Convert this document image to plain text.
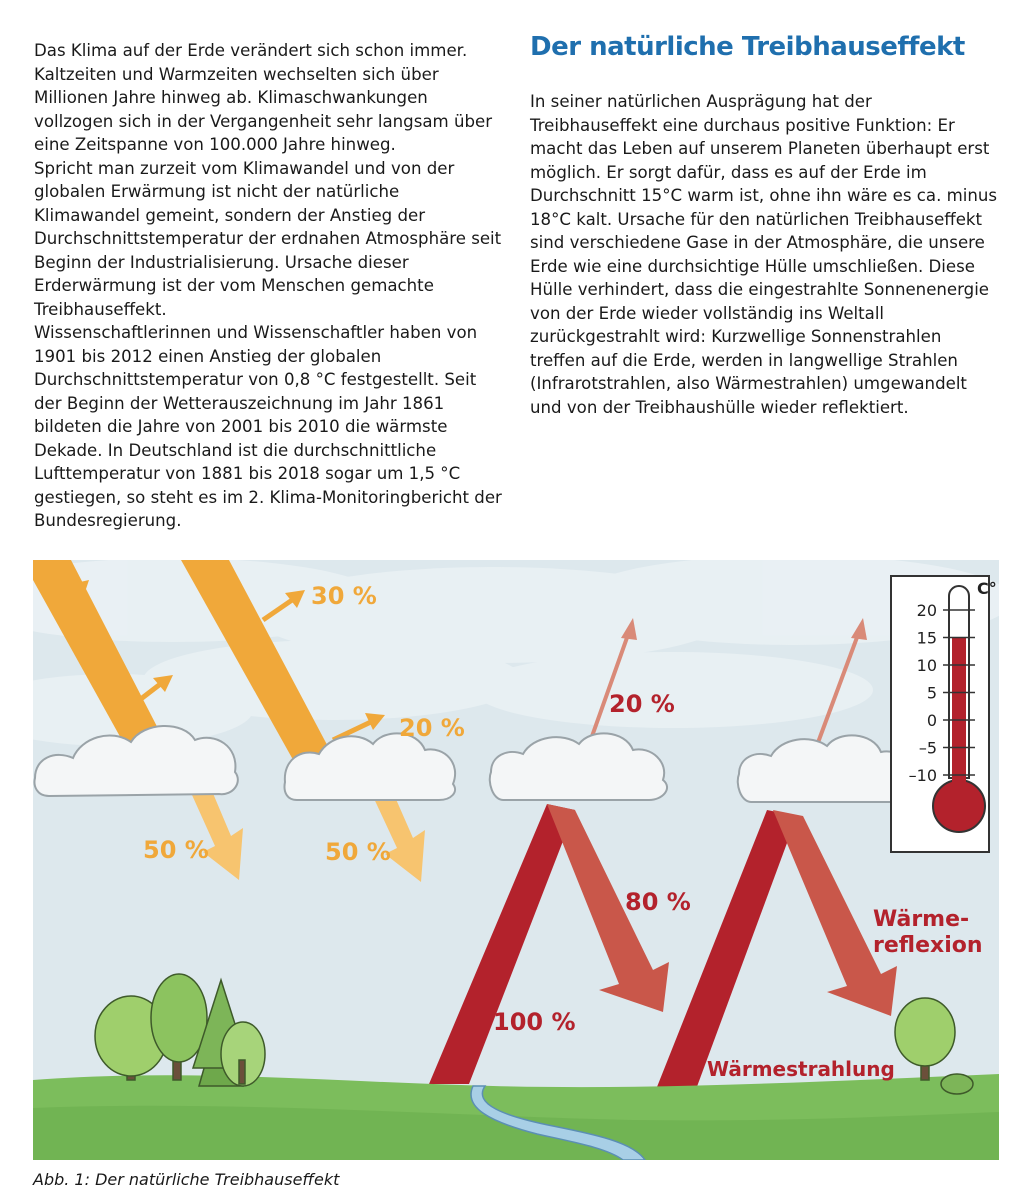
Das Klima auf der Erde verändert sich schon immer. Kaltzeiten und Warmzeiten wechselten sich über Millionen Jahre hinweg ab. Klimaschwankungen vollzogen sich in der Vergangenheit sehr langsam über eine Zeitspanne von 100.000 Jahre hinweg.

Spricht man zurzeit vom Klimawandel und von der globalen Erwärmung ist nicht der natürliche Klimawandel gemeint, sondern der Anstieg der Durchschnittstemperatur der erdnahen Atmosphäre seit Beginn der Industrialisierung. Ursache dieser Erderwärmung ist der vom Menschen gemachte Treibhauseffekt.

Wissenschaftlerinnen und Wissenschaftler haben von 1901 bis 2012 einen Anstieg der globalen Durchschnittstemperatur von 0,8 °C festgestellt. Seit der Beginn der Wetterauszeichnung im Jahr 1861 bildeten die Jahre von 2001 bis 2010 die wärmste Dekade. In Deutschland ist die durchschnittliche Lufttemperatur von 1881 bis 2018 sogar um 1,5 °C gestiegen, so steht es im 2. Klima-Monitoringbericht der Bundesregierung.

Der natürliche Treibhauseffekt

In seiner natürlichen Ausprägung hat der Treibhauseffekt eine durchaus positive Funktion: Er macht das Leben auf unserem Planeten überhaupt erst möglich. Er sorgt dafür, dass es auf der Erde im Durchschnitt 15°C warm ist, ohne ihn wäre es ca. minus 18°C kalt. Ursache für den natürlichen Treibhauseffekt sind verschiedene Gase in der Atmosphäre, die unsere Erde wie eine durchsichtige Hülle umschließen. Diese Hülle verhindert, dass die eingestrahlte Sonnenenergie von der Erde wieder vollständig ins Weltall zurückgestrahlt wird: Kurzwellige Sonnenstrahlen treffen auf die Erde, werden in langwellige Strahlen (Infrarotstrahlen, also Wärmestrahlen) umgewandelt und von der Treibhaushülle wieder reflektiert.

20
15
10
5
0
–5
–10
C°
30 %
20 %
50 %	50 %
20 %
80 %
100 %
Wärmestrahlung
Wärme-
reflexion

Abb. 1: Der natürliche Treibhauseffekt
